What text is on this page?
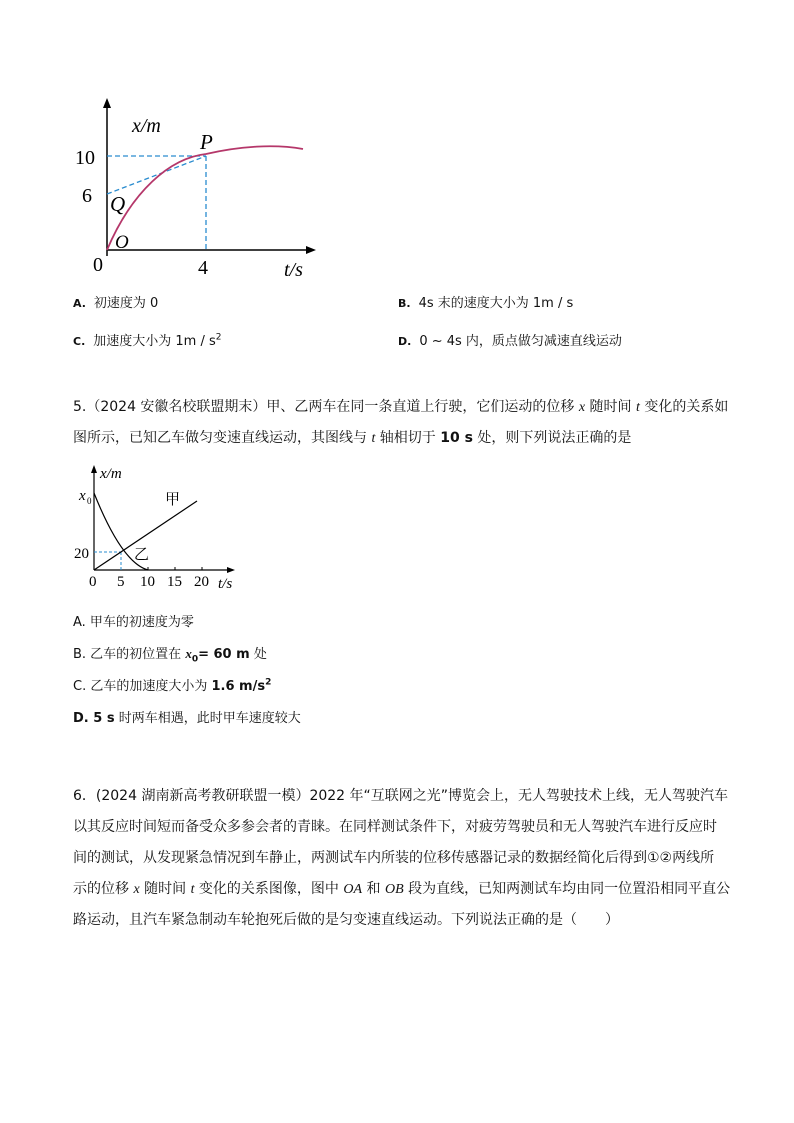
x/m
10
6
P
Q
O
0	4	t/s
A. 初速度为 0	B. 4s 末的速度大小为 1m / s
C. 加速度大小为 $1m / s^2$	D. 0 ~ 4s 内，质点做匀减速直线运动
5.（2024 安徽名校联盟期末）甲、乙两车在同一条直道上行驶，它们运动的位移 x 随时间 t 变化的关系如
图所示，已知乙车做匀变速直线运动，其图线与 t 轴相切于 10 s 处，则下列说法正确的是
x/m
x 0	甲
20	乙
0 5 10 15 20 t/s
A. 甲车的初速度为零
B. 乙车的初位置在 $x_0= 60$ m 处
C. 乙车的加速度大小为 1.6 $m/s^2$
D. 5 s 时两车相遇，此时甲车速度较大
6．(2024 湖南新高考教研联盟一模）2022 年“互联网之光”博览会上，无人驾驶技术上线，无人驾驶汽车
以其反应时间短而备受众多参会者的青睐。在同样测试条件下，对疲劳驾驶员和无人驾驶汽车进行反应时
间的测试，从发现紧急情况到车静止，两测试车内所装的位移传感器记录的数据经简化后得到①②两线所
示的位移 x 随时间 t 变化的关系图像，图中 OA 和 OB 段为直线，已知两测试车均由同一位置沿相同平直公
路运动，且汽车紧急制动车轮抱死后做的是匀变速直线运动。下列说法正确的是（　　）
